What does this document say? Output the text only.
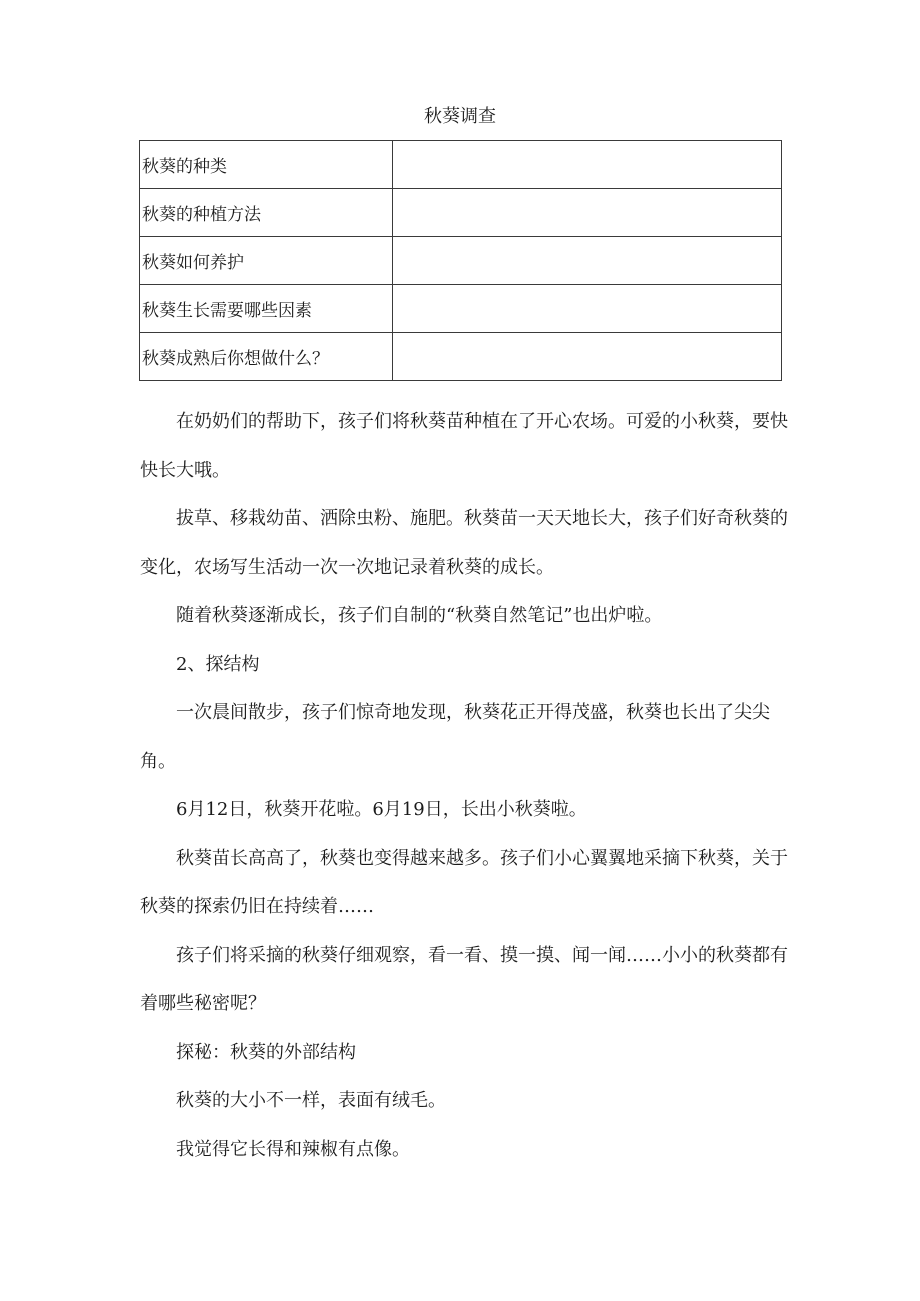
秋葵调查
秋葵的种类	
秋葵的种植方法	
秋葵如何养护	
秋葵生长需要哪些因素	
秋葵成熟后你想做什么？	

在奶奶们的帮助下，孩子们将秋葵苗种植在了开心农场。可爱的小秋葵，要快快长大哦。

拔草、移栽幼苗、洒除虫粉、施肥。秋葵苗一天天地长大，孩子们好奇秋葵的变化，农场写生活动一次一次地记录着秋葵的成长。

随着秋葵逐渐成长，孩子们自制的“秋葵自然笔记”也出炉啦。

2、探结构

一次晨间散步，孩子们惊奇地发现，秋葵花正开得茂盛，秋葵也长出了尖尖角。

6月12日，秋葵开花啦。6月19日，长出小秋葵啦。

秋葵苗长高高了，秋葵也变得越来越多。孩子们小心翼翼地采摘下秋葵，关于秋葵的探索仍旧在持续着……

孩子们将采摘的秋葵仔细观察，看一看、摸一摸、闻一闻……小小的秋葵都有着哪些秘密呢？

探秘：秋葵的外部结构

秋葵的大小不一样，表面有绒毛。

我觉得它长得和辣椒有点像。
